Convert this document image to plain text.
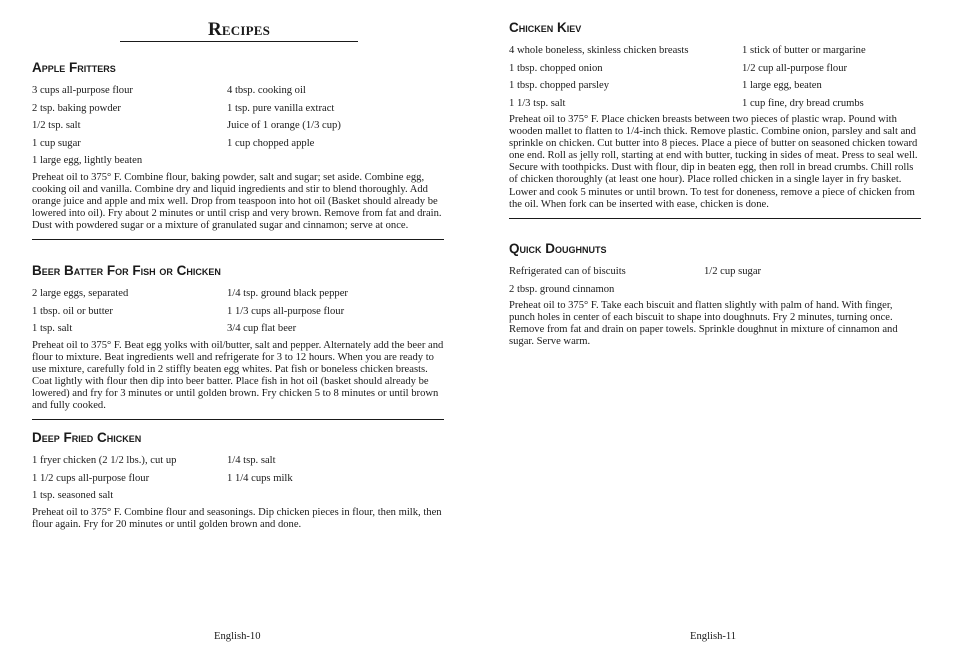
Recipes
Apple Fritters
3 cups all-purpose flour	4 tbsp. cooking oil
2 tsp. baking powder	1 tsp. pure vanilla extract
1/2 tsp. salt	Juice of 1 orange (1/3 cup)
1 cup sugar	1 cup chopped apple
1 large egg, lightly beaten
Preheat oil to 375° F. Combine flour, baking powder, salt and sugar; set aside. Combine egg, cooking oil and vanilla. Combine dry and liquid ingredients and stir to blend thoroughly. Add orange juice and apple and mix well. Drop from teaspoon into hot oil (Basket should already be lowered into oil). Fry about 2 minutes or until crisp and very brown. Remove from fat and drain. Dust with powdered sugar or a mixture of granulated sugar and cinnamon; serve at once.
Beer Batter For Fish or Chicken
2 large eggs, separated	1/4 tsp. ground black pepper
1 tbsp. oil or butter	1 1/3 cups all-purpose flour
1 tsp. salt	3/4 cup flat beer
Preheat oil to 375° F. Beat egg yolks with oil/butter, salt and pepper. Alternately add the beer and flour to mixture. Beat ingredients well and refrigerate for 3 to 12 hours. When you are ready to use mixture, carefully fold in 2 stiffly beaten egg whites. Pat fish or boneless chicken breasts. Coat lightly with flour then dip into beer batter. Place fish in hot oil (basket should already be lowered) and fry for 3 minutes or until golden brown. Fry chicken 5 to 8 minutes or until brown and fully cooked.
Deep Fried Chicken
1 fryer chicken (2 1/2 lbs.), cut up	1/4 tsp. salt
1 1/2 cups all-purpose flour	1 1/4 cups milk
1 tsp. seasoned salt
Preheat oil to 375° F. Combine flour and seasonings. Dip chicken pieces in flour, then milk, then flour again. Fry for 20 minutes or until golden brown and done.
English-10
Chicken Kiev
4 whole boneless, skinless chicken breasts	1 stick of butter or margarine
1 tbsp. chopped onion	1/2 cup all-purpose flour
1 tbsp. chopped parsley	1 large egg, beaten
1 1/3 tsp. salt	1 cup fine, dry bread crumbs
Preheat oil to 375° F. Place chicken breasts between two pieces of plastic wrap. Pound with wooden mallet to flatten to 1/4-inch thick. Remove plastic. Combine onion, parsley and salt and sprinkle on chicken. Cut butter into 8 pieces. Place a piece of butter on seasoned chicken toward one end. Roll as jelly roll, starting at end with butter, tucking in sides of meat. Press to seal well. Secure with toothpicks. Dust with flour, dip in beaten egg, then roll in bread crumbs. Chill rolls of chicken thoroughly (at least one hour). Place rolled chicken in a single layer in fry basket. Lower and cook 5 minutes or until brown. To test for doneness, remove a piece of chicken from the oil. When fork can be inserted with ease, chicken is done.
Quick Doughnuts
Refrigerated can of biscuits	1/2 cup sugar
2 tbsp. ground cinnamon
Preheat oil to 375° F. Take each biscuit and flatten slightly with palm of hand. With finger, punch holes in center of each biscuit to shape into doughnuts. Fry 2 minutes, turning once. Remove from fat and drain on paper towels. Sprinkle doughnut in mixture of cinnamon and sugar. Serve warm.
English-11
